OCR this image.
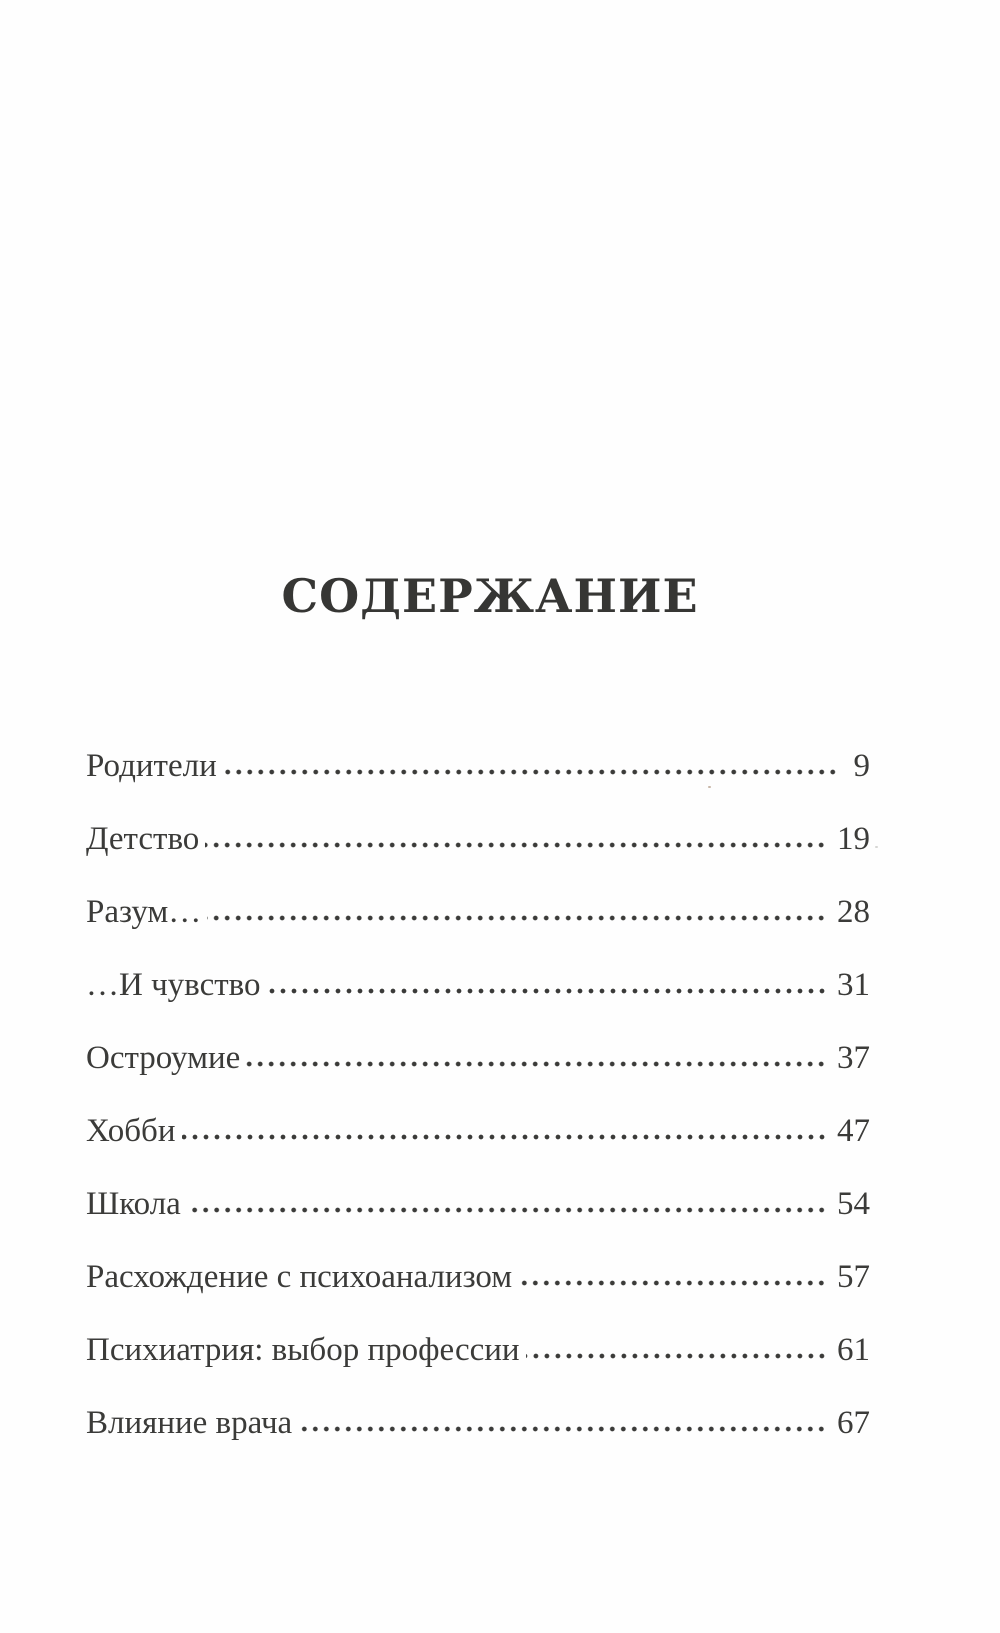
СОДЕРЖАНИЕ
Родители	9
Детство	19
Разум…	28
…И чувство	31
Остроумие	37
Хобби	47
Школа	54
Расхождение с психоанализом	57
Психиатрия: выбор профессии	61
Влияние врача	67
